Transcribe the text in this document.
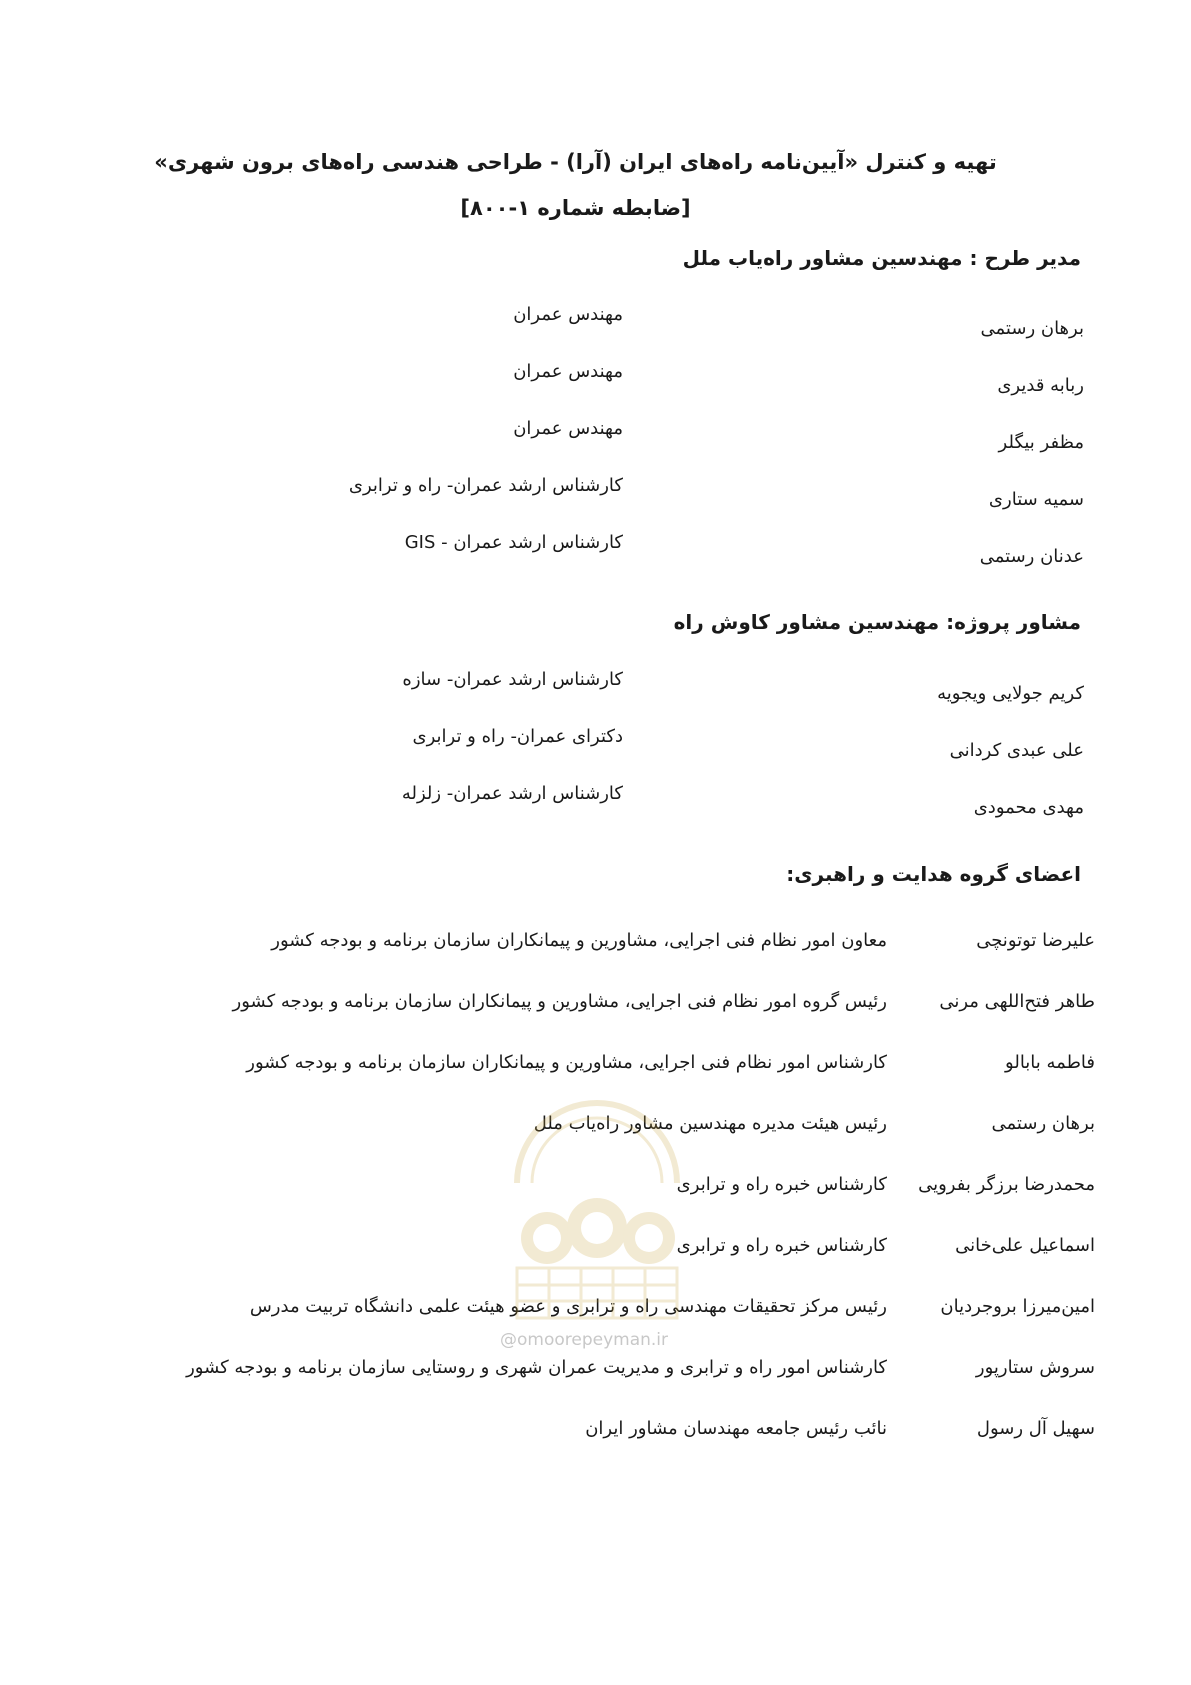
تهیه و کنترل «آیین‌نامه راه‌های ایران (آرا) - طراحی هندسی راه‌های برون شهری»
[ضابطه شماره ۱-۸۰۰]
مدیر طرح : مهندسین مشاور راه‌یاب ملل
برهان رستمی
مهندس عمران
ربابه قدیری
مهندس عمران
مظفر بیگلر
مهندس عمران
سمیه ستاری
کارشناس ارشد عمران- راه و ترابری
عدنان رستمی
کارشناس ارشد عمران - GIS
مشاور پروژه: مهندسین مشاور کاوش راه
کریم جولایی ویجویه
کارشناس ارشد عمران- سازه
علی عبدی کردانی
دکترای عمران- راه و ترابری
مهدی محمودی
کارشناس ارشد عمران- زلزله
اعضای گروه هدایت و راهبری:
علیرضا توتونچی
معاون امور نظام فنی اجرایی، مشاورین و پیمانکاران سازمان برنامه و بودجه کشور
طاهر فتح‌اللهی مرنی
رئیس گروه امور نظام فنی اجرایی، مشاورین و پیمانکاران سازمان برنامه و بودجه کشور
فاطمه بابالو
کارشناس امور نظام فنی اجرایی، مشاورین و پیمانکاران سازمان برنامه و بودجه کشور
برهان رستمی
رئیس هیئت مدیره مهندسین مشاور راه‌یاب ملل
محمدرضا برزگر بفرویی
کارشناس خبره راه و ترابری
اسماعیل علی‌خانی
کارشناس خبره راه و ترابری
امین‌میرزا بروجردیان
رئیس مرکز تحقیقات مهندسی راه و ترابری و عضو هیئت علمی دانشگاه تربیت مدرس
سروش ستارپور
کارشناس امور راه و ترابری و مدیریت عمران شهری و روستایی سازمان برنامه و بودجه کشور
سهیل آل رسول
نائب رئیس جامعه مهندسان مشاور ایران
@omoorepeyman.ir
